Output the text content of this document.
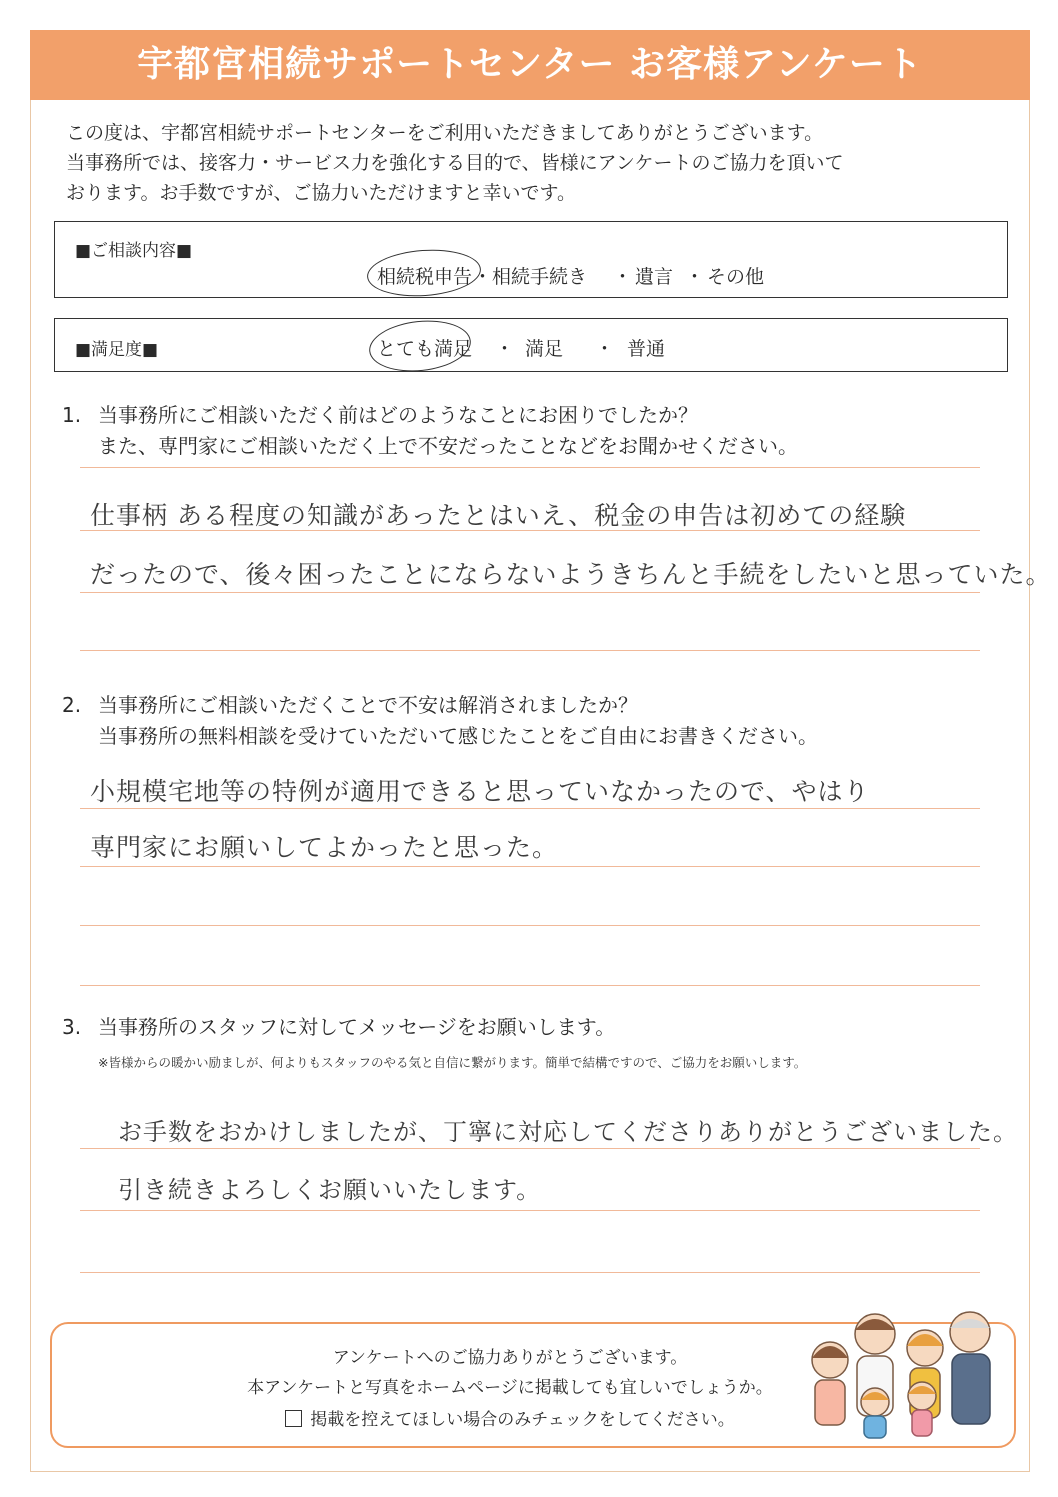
宇都宮相続サポートセンター お客様アンケート
この度は、宇都宮相続サポートセンターをご利用いただきましてありがとうございます。
当事務所では、接客力・サービス力を強化する目的で、皆様にアンケートのご協力を頂いて
おります。お手数ですが、ご協力いただけますと幸いです。
■ご相談内容■
相続税申告 ・相続手続き ・ 遺言 ・ その他
■満足度■	とても満足 ・ 満足 ・ 普通
1. 当事務所にご相談いただく前はどのようなことにお困りでしたか？
また、専門家にご相談いただく上で不安だったことなどをお聞かせください。
仕事柄 ある程度の知識があったとはいえ、税金の申告は初めての経験
だったので、後々困ったことにならないようきちんと手続をしたいと思っていた。
2. 当事務所にご相談いただくことで不安は解消されましたか？
当事務所の無料相談を受けていただいて感じたことをご自由にお書きください。
小規模宅地等の特例が適用できると思っていなかったので、やはり
専門家にお願いしてよかったと思った。
3. 当事務所のスタッフに対してメッセージをお願いします。
※皆様からの暖かい励ましが、何よりもスタッフのやる気と自信に繋がります。簡単で結構ですので、ご協力をお願いします。
お手数をおかけしましたが、丁寧に対応してくださりありがとうございました。
引き続きよろしくお願いいたします。
アンケートへのご協力ありがとうございます。
本アンケートと写真をホームページに掲載しても宜しいでしょうか。
掲載を控えてほしい場合のみチェックをしてください。
